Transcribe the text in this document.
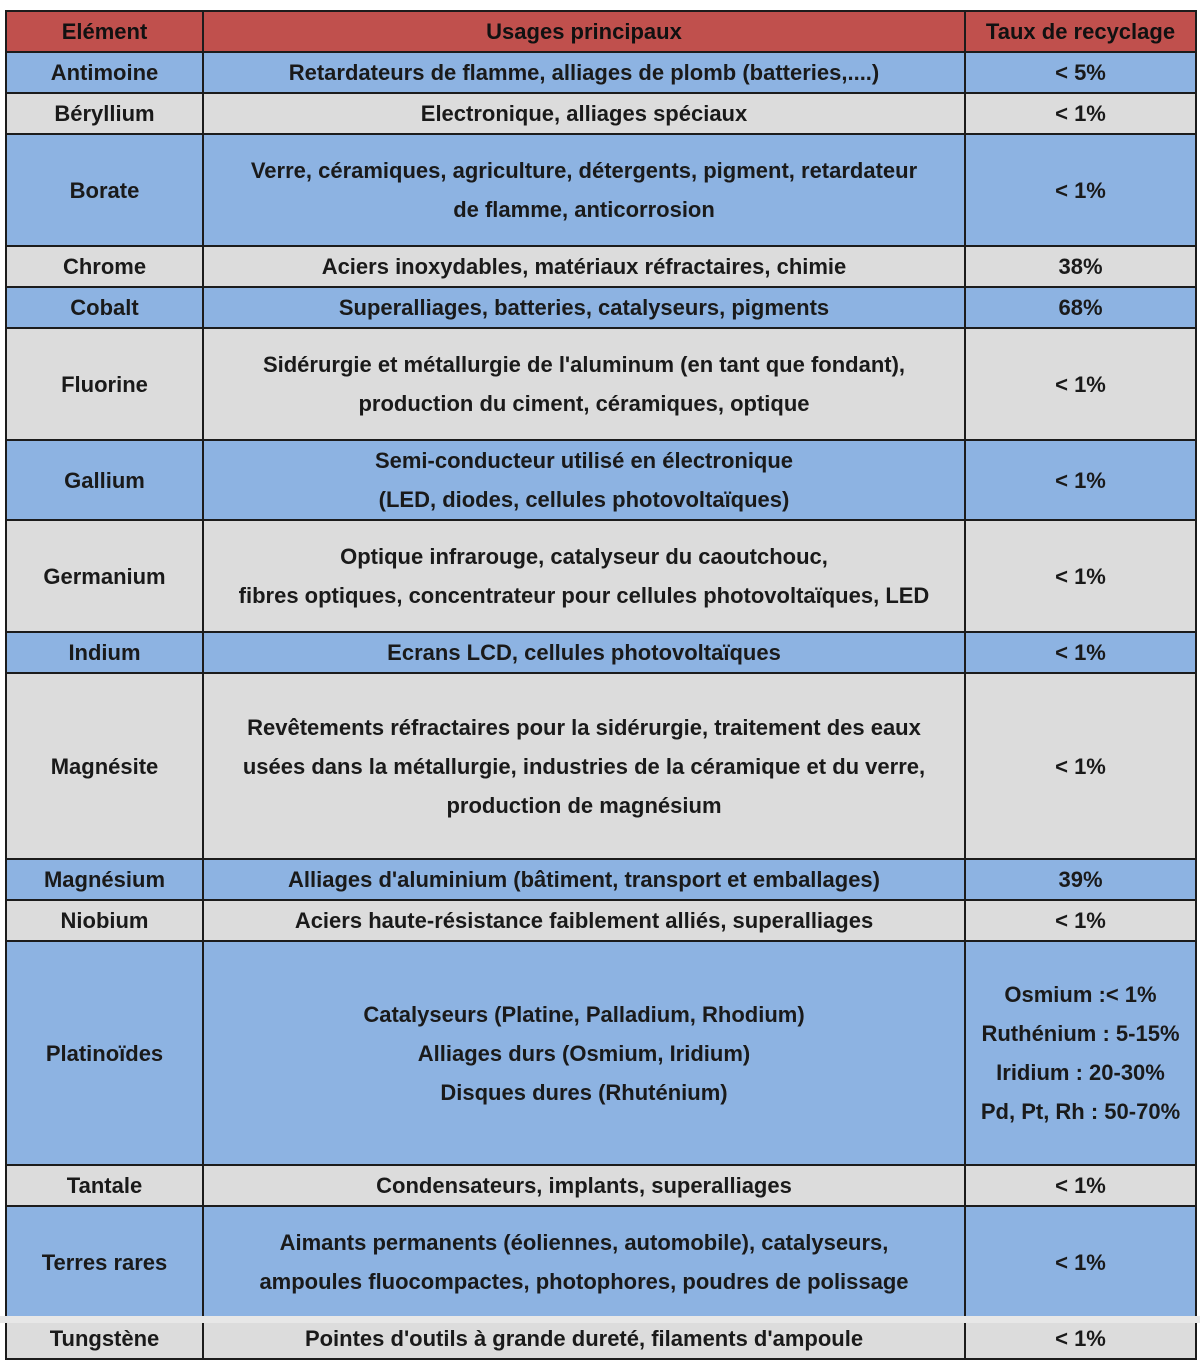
Elément	Usages principaux	Taux de recyclage
Antimoine	Retardateurs de flamme, alliages de plomb (batteries,....)	< 5%

Béryllium	Electronique, alliages spéciaux	< 1%

Borate	Verre, céramiques, agriculture, détergents, pigment, retardateur
de flamme, anticorrosion	< 1%

Chrome	Aciers inoxydables, matériaux réfractaires, chimie	38%

Cobalt	Superalliages, batteries, catalyseurs, pigments	68%

Fluorine	Sidérurgie et métallurgie de l'aluminum (en tant que fondant),
production du ciment, céramiques, optique	< 1%

Gallium	Semi-conducteur utilisé en électronique
(LED, diodes, cellules photovoltaïques)	< 1%

Germanium	Optique infrarouge, catalyseur du caoutchouc,
fibres optiques, concentrateur pour cellules photovoltaïques, LED	< 1%

Indium	Ecrans LCD, cellules photovoltaïques	< 1%

Magnésite	Revêtements réfractaires pour la sidérurgie, traitement des eaux
usées dans la métallurgie, industries de la céramique et du verre,
production de magnésium	< 1%

Magnésium	Alliages d'aluminium (bâtiment, transport et emballages)	39%

Niobium	Aciers haute-résistance faiblement alliés, superalliages	< 1%

Platinoïdes	Catalyseurs (Platine, Palladium, Rhodium)
Alliages durs (Osmium, Iridium)
Disques dures (Rhuténium)	Osmium :< 1%
Ruthénium : 5-15%
Iridium : 20-30%
Pd, Pt, Rh : 50-70%

Tantale	Condensateurs, implants, superalliages	< 1%

Terres rares	Aimants permanents (éoliennes, automobile), catalyseurs,
ampoules fluocompactes, photophores, poudres de polissage	< 1%

Tungstène	Pointes d'outils à grande dureté, filaments d'ampoule	< 1%
